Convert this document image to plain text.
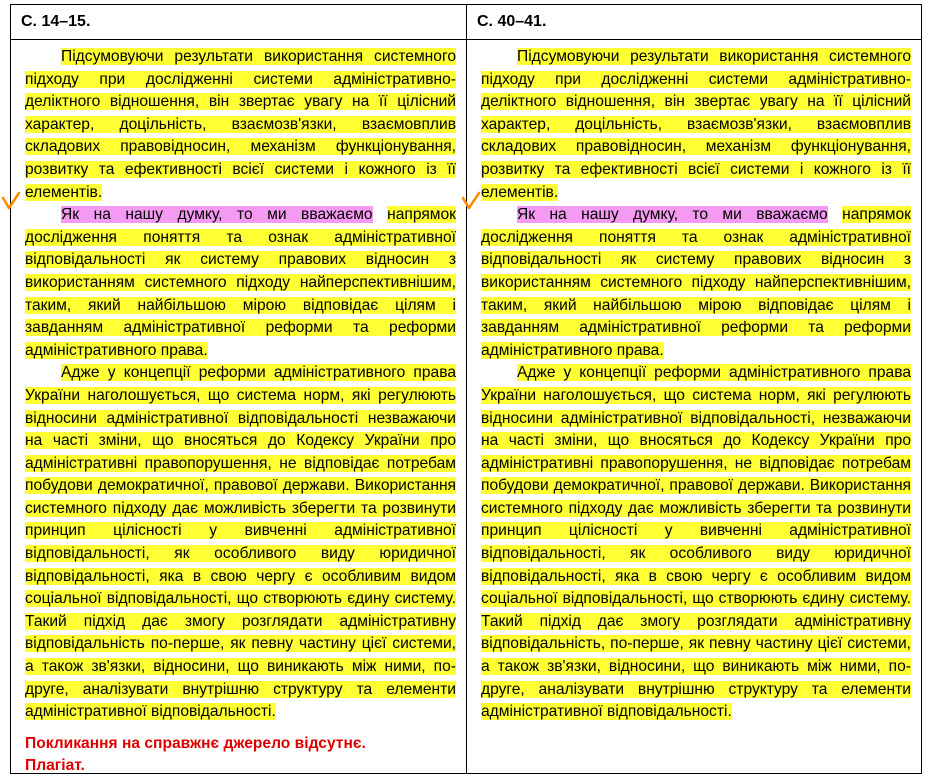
С. 14–15.

Підсумовуючи результати використання системного підходу при дослідженні системи адміністративно-деліктного відношення, він звертає увагу на її цілісний характер, доцільність, взаємозв'язки, взаємовплив складових правовідносин, механізм функціонування, розвитку та ефективності всієї системи і кожного із її елементів.

Як на нашу думку, то ми вважаємо напрямок дослідження поняття та ознак адміністративної відповідальності як систему правових відносин з використанням системного підходу найперспективнішим, таким, який найбільшою мірою відповідає цілям і завданням адміністративної реформи та реформи адміністративного права.

Адже у концепції реформи адміністративного права України наголошується, що система норм, які регулюють відносини адміністративної відповідальності незважаючи на часті зміни, що вносяться до Кодексу України про адміністративні правопорушення, не відповідає потребам побудови демократичної, правової держави. Використання системного підходу дає можливість зберегти та розвинути принцип цілісності у вивченні адміністративної відповідальності, як особливого виду юридичної відповідальності, яка в свою чергу є особливим видом соціальної відповідальності, що створюють єдину систему. Такий підхід дає змогу розглядати адміністративну відповідальність по-перше, як певну частину цієї системи, а також зв'язки, відносини, що виникають між ними, по-друге, аналізувати внутрішню структуру та елементи адміністративної відповідальності.

Покликання на справжнє джерело відсутнє.
Плагіат.
С. 40–41.

Підсумовуючи результати використання системного підходу при дослідженні системи адміністративно-деліктного відношення, він звертає увагу на її цілісний характер, доцільність, взаємозв'язки, взаємовплив складових правовідносин, механізм функціонування, розвитку та ефективності всієї системи і кожного із її елементів.

Як на нашу думку, то ми вважаємо напрямок дослідження поняття та ознак адміністративної відповідальності як систему правових відносин з використанням системного підходу найперспективнішим, таким, який найбільшою мірою відповідає цілям і завданням адміністративної реформи та реформи адміністративного права.

Адже у концепції реформи адміністративного права України наголошується, що система норм, які регулюють відносини адміністративної відповідальності, незважаючи на часті зміни, що вносяться до Кодексу України про адміністративні правопорушення, не відповідає потребам побудови демократичної, правової держави. Використання системного підходу дає можливість зберегти та розвинути принцип цілісності у вивченні адміністративної відповідальності, як особливого виду юридичної відповідальності, яка в свою чергу є особливим видом соціальної відповідальності, що створюють єдину систему. Такий підхід дає змогу розглядати адміністративну відповідальність, по-перше, як певну частину цієї системи, а також зв'язки, відносини, що виникають між ними, по-друге, аналізувати внутрішню структуру та елементи адміністративної відповідальності.
